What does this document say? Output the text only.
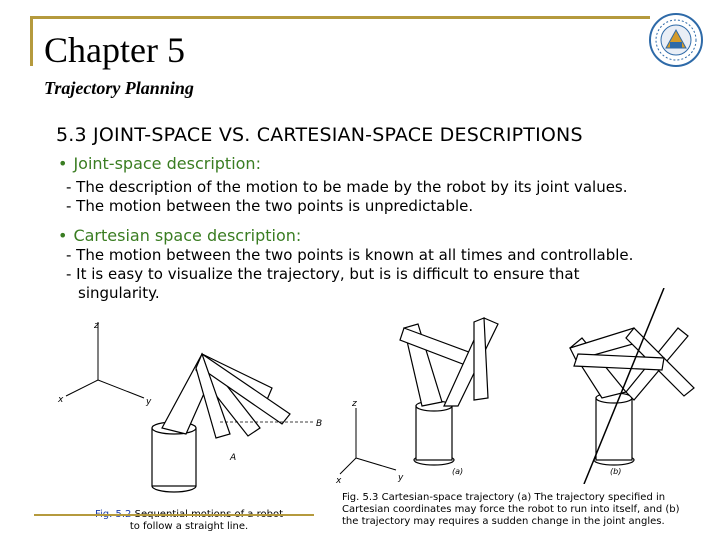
Chapter 5
Trajectory Planning
5.3 JOINT-SPACE VS. CARTESIAN-SPACE DESCRIPTIONS
• Joint-space description:
- The description of the motion to be made by the robot by its joint values.
- The motion between the two points is unpredictable.
• Cartesian space description:
- The motion between the two points is known at all times and controllable.
- It is easy to visualize the trajectory, but is is difficult to ensure that
singularity.
z
x	y
A
B

to follow a straight line.
z
x	y
(a)	(b)
Fig. 5.3 Cartesian-space trajectory (a) The trajectory specified in
Cartesian coordinates may force the robot to run into itself, and (b)
the trajectory may requires a sudden change in the joint angles.
